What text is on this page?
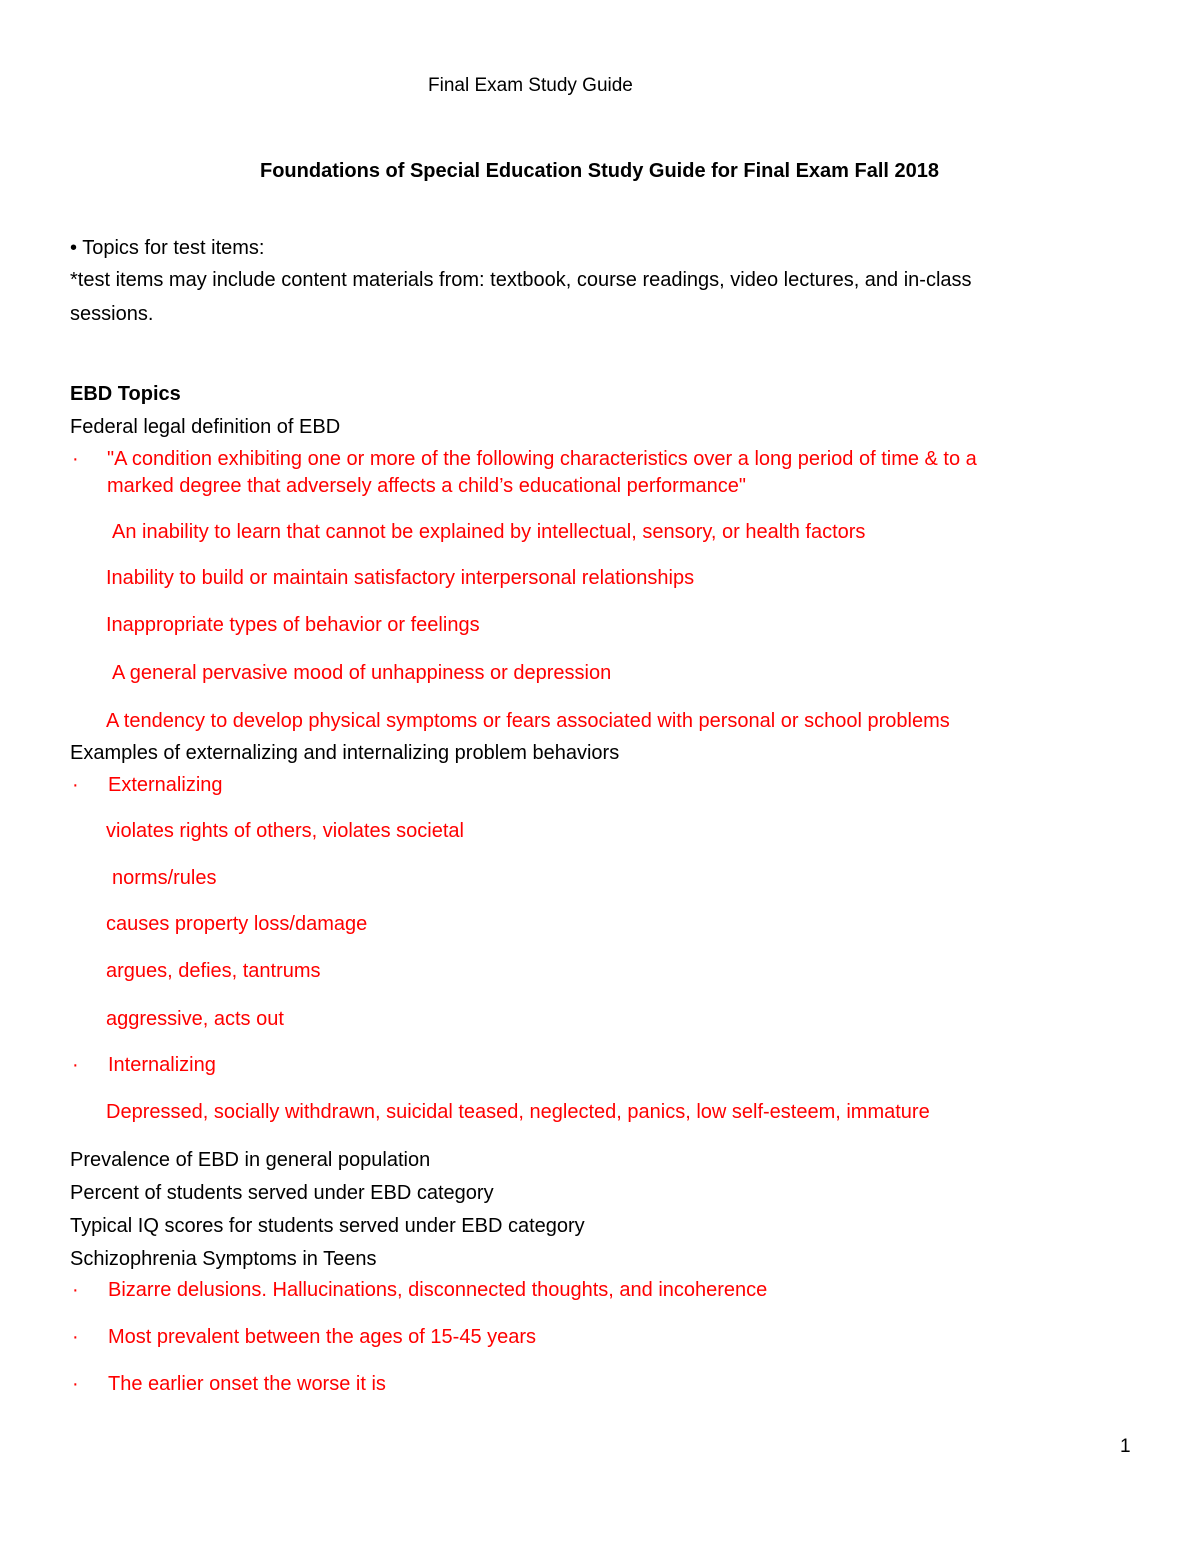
Final Exam Study Guide
Foundations of Special Education Study Guide for Final Exam Fall 2018
• Topics for test items:
*test items may include content materials from: textbook, course readings, video lectures, and in-class
sessions.
EBD Topics
Federal legal definition of EBD
· "A condition exhibiting one or more of the following characteristics over a long period of time & to a
marked degree that adversely affects a child’s educational performance"
An inability to learn that cannot be explained by intellectual, sensory, or health factors
Inability to build or maintain satisfactory interpersonal relationships
Inappropriate types of behavior or feelings
A general pervasive mood of unhappiness or depression
A tendency to develop physical symptoms or fears associated with personal or school problems
Examples of externalizing and internalizing problem behaviors
· Externalizing
violates rights of others, violates societal
norms/rules
causes property loss/damage
argues, defies, tantrums
aggressive, acts out
· Internalizing
Depressed, socially withdrawn, suicidal teased, neglected, panics, low self-esteem, immature
Prevalence of EBD in general population
Percent of students served under EBD category
Typical IQ scores for students served under EBD category
Schizophrenia Symptoms in Teens
· Bizarre delusions. Hallucinations, disconnected thoughts, and incoherence
· Most prevalent between the ages of 15-45 years
· The earlier onset the worse it is
1
